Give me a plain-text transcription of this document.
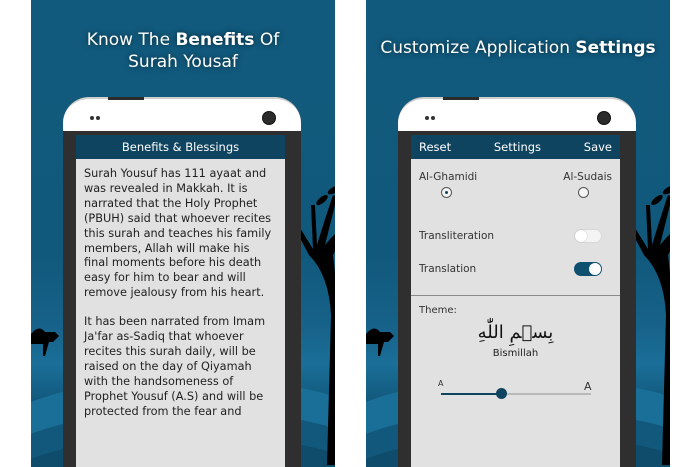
Know The Benefits Of
Surah Yousaf
Benefits & Blessings

Surah Yousuf has 111 ayaat and was revealed in Makkah. It is narrated that the Holy Prophet (PBUH) said that whoever recites this surah and teaches his family members, Allah will make his final moments before his death easy for him to bear and will remove jealousy from his heart.

It has been narrated from Imam Ja'far as-Sadiq that whoever recites this surah daily, will be raised on the day of Qiyamah with the handsomeness of Prophet Yousuf (A.S) and will be protected from the fear and

Customize Application Settings
Reset	Settings	Save
Al-Ghamidi	Al-Sudais
Transliteration
Translation
Theme:
بِسۡمِ اللّٰهِ
Bismillah
A	A
